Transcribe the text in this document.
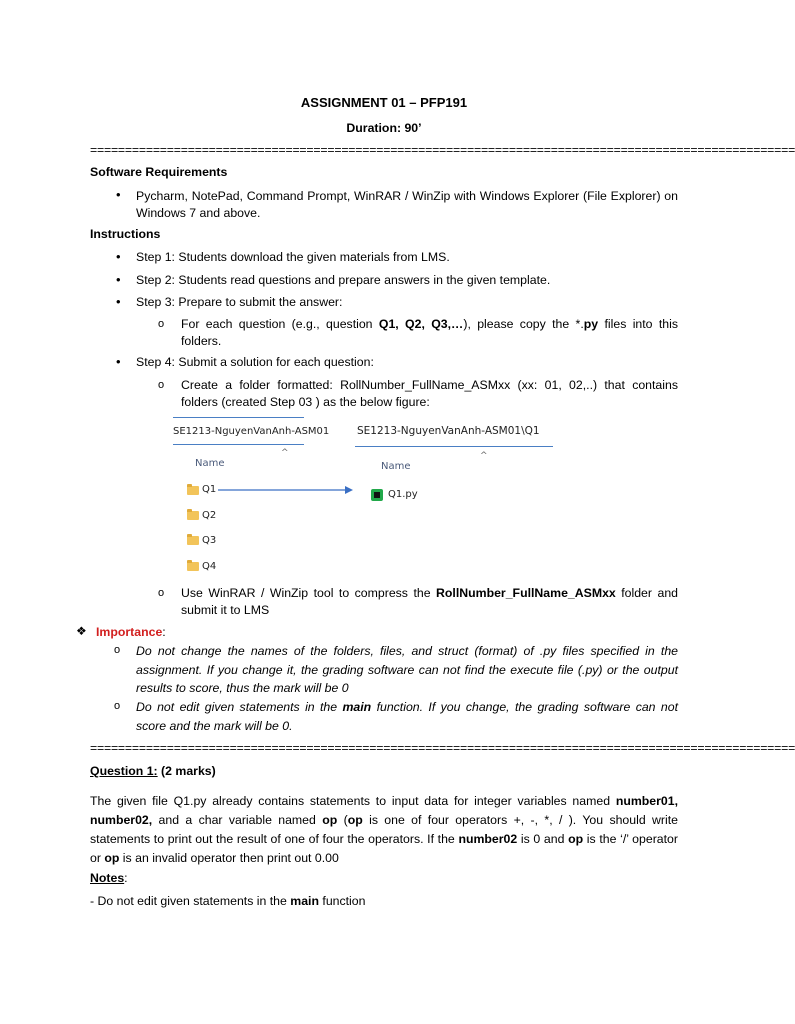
ASSIGNMENT 01 – PFP191
Duration: 90’
=====================================================================================================
Software Requirements
• Pycharm, NotePad, Command Prompt, WinRAR / WinZip with Windows Explorer (File Explorer) on Windows 7 and above.
Instructions
• Step 1: Students download the given materials from LMS.
• Step 2: Students read questions and prepare answers in the given template.
• Step 3: Prepare to submit the answer:
o For each question (e.g., question Q1, Q2, Q3,…), please copy the *.py files into this folders.
• Step 4: Submit a solution for each question:
o Create a folder formatted: RollNumber_FullName_ASMxx (xx: 01, 02,..) that contains folders (created Step 03 ) as the below figure:
SE1213-NguyenVanAnh-ASM01
Name
^
Q1
Q2
Q3
Q4
SE1213-NguyenVanAnh-ASM01\Q1
Name
^
Q1.py
o Use WinRAR / WinZip tool to compress the RollNumber_FullName_ASMxx folder and submit it to LMS
❖ Importance:
o Do not change the names of the folders, files, and struct (format) of .py files specified in the assignment. If you change it, the grading software can not find the execute file (.py) or the output results to score, thus the mark will be 0
o Do not edit given statements in the main function. If you change, the grading software can not score and the mark will be 0.
=====================================================================================================
Question 1: (2 marks)
The given file Q1.py already contains statements to input data for integer variables named number01, number02, and a char variable named op (op is one of four operators +, -, *, / ). You should write statements to print out the result of one of four the operators. If the number02 is 0 and op is the ‘/’ operator or op is an invalid operator then print out 0.00
Notes:
- Do not edit given statements in the main function
